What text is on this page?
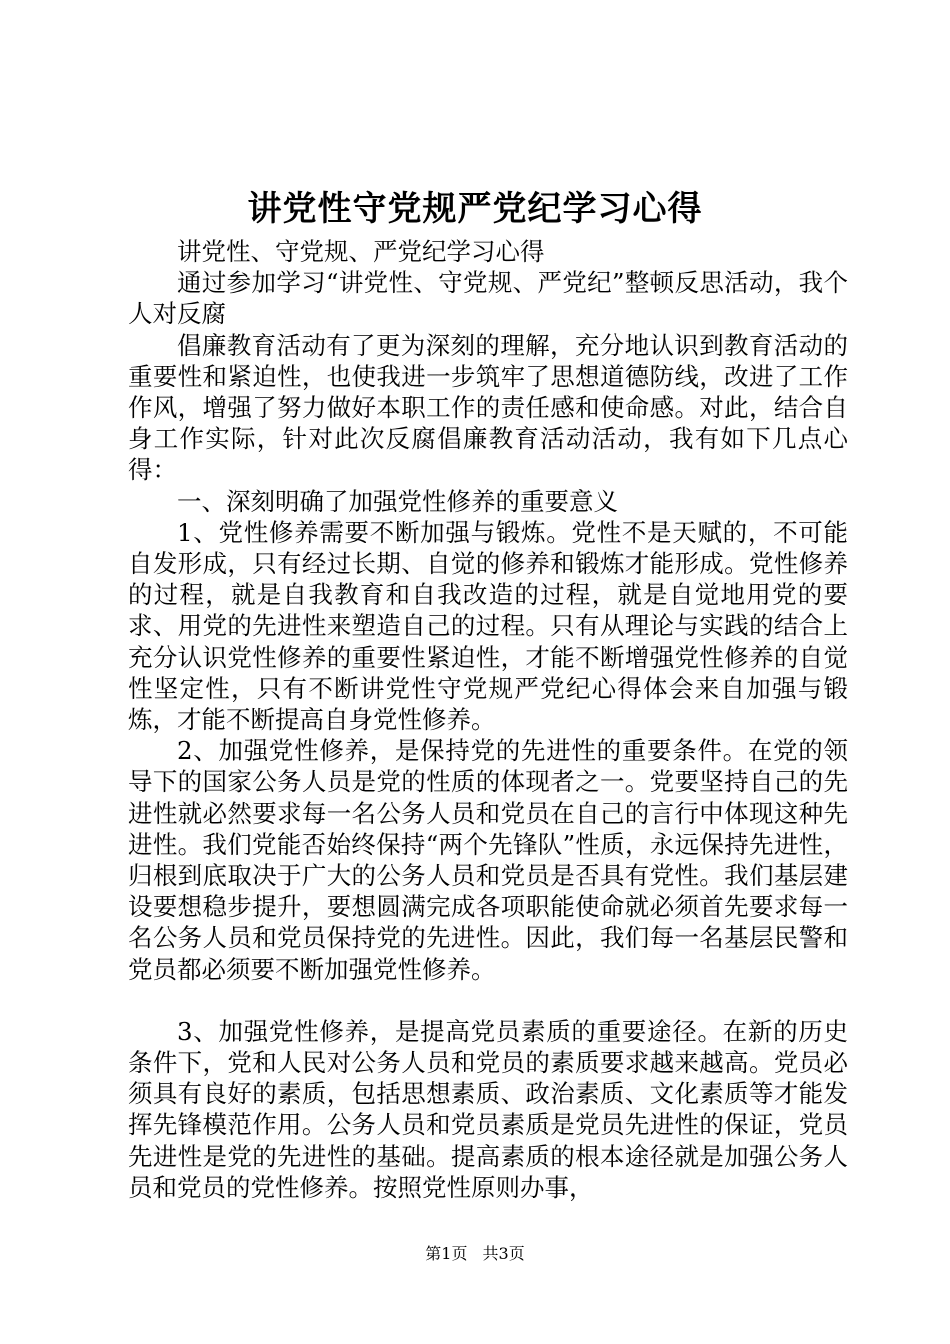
讲党性守党规严党纪学习心得

讲党性、守党规、严党纪学习心得

通过参加学习“讲党性、守党规、严党纪”整顿反思活动，我个人对反腐

倡廉教育活动有了更为深刻的理解，充分地认识到教育活动的重要性和紧迫性，也使我进一步筑牢了思想道德防线，改进了工作作风，增强了努力做好本职工作的责任感和使命感。对此，结合自身工作实际，针对此次反腐倡廉教育活动活动，我有如下几点心得：

一、深刻明确了加强党性修养的重要意义

1、党性修养需要不断加强与锻炼。党性不是天赋的，不可能自发形成，只有经过长期、自觉的修养和锻炼才能形成。党性修养的过程，就是自我教育和自我改造的过程，就是自觉地用党的要求、用党的先进性来塑造自己的过程。只有从理论与实践的结合上充分认识党性修养的重要性紧迫性，才能不断增强党性修养的自觉性坚定性，只有不断讲党性守党规严党纪心得体会来自加强与锻炼，才能不断提高自身党性修养。

2、加强党性修养，是保持党的先进性的重要条件。在党的领导下的国家公务人员是党的性质的体现者之一。党要坚持自己的先进性就必然要求每一名公务人员和党员在自己的言行中体现这种先进性。我们党能否始终保持“两个先锋队”性质，永远保持先进性，归根到底取决于广大的公务人员和党员是否具有党性。我们基层建设要想稳步提升，要想圆满完成各项职能使命就必须首先要求每一名公务人员和党员保持党的先进性。因此，我们每一名基层民警和党员都必须要不断加强党性修养。

3、加强党性修养，是提高党员素质的重要途径。在新的历史条件下，党和人民对公务人员和党员的素质要求越来越高。党员必须具有良好的素质，包括思想素质、政治素质、文化素质等才能发挥先锋模范作用。公务人员和党员素质是党员先进性的保证，党员先进性是党的先进性的基础。提高素质的根本途径就是加强公务人员和党员的党性修养。按照党性原则办事，

第1页 共3页
